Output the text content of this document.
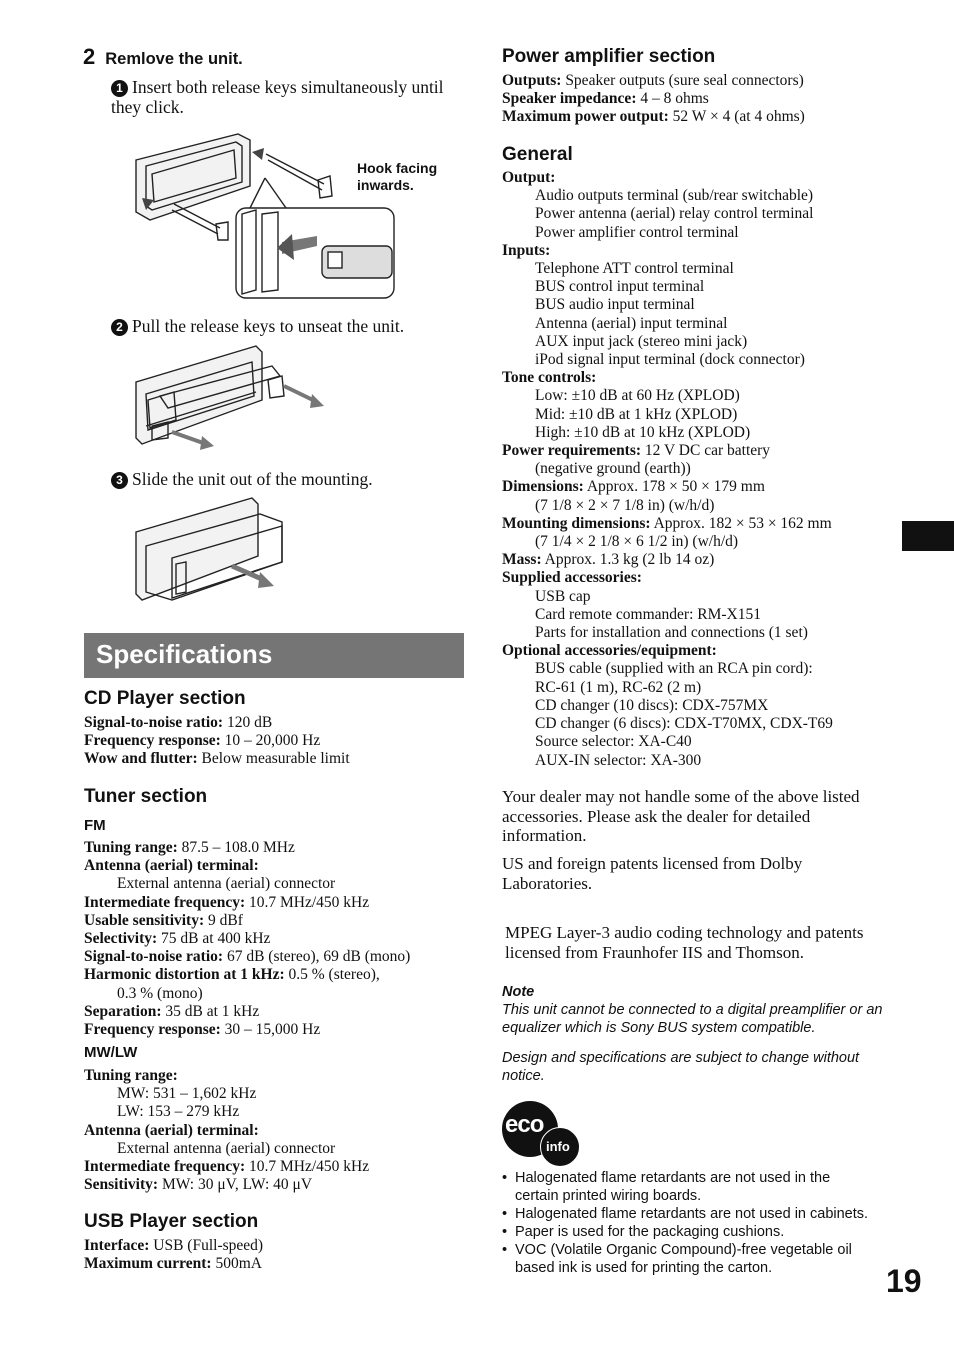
2 Remlove the unit.
1 Insert both release keys simultaneously until they click.
Hook facing inwards.
2 Pull the release keys to unseat the unit.
3 Slide the unit out of the mounting.
Specifications
CD Player section
Signal-to-noise ratio: 120 dB
Frequency response: 10 – 20,000 Hz
Wow and flutter: Below measurable limit
Tuner section
FM
Tuning range: 87.5 – 108.0 MHz
Antenna (aerial) terminal:
External antenna (aerial) connector
Intermediate frequency: 10.7 MHz/450 kHz
Usable sensitivity: 9 dBf
Selectivity: 75 dB at 400 kHz
Signal-to-noise ratio: 67 dB (stereo), 69 dB (mono)
Harmonic distortion at 1 kHz: 0.5 % (stereo),
0.3 % (mono)
Separation: 35 dB at 1 kHz
Frequency response: 30 – 15,000 Hz
MW/LW
Tuning range:
MW: 531 – 1,602 kHz
LW: 153 – 279 kHz
Antenna (aerial) terminal:
External antenna (aerial) connector
Intermediate frequency: 10.7 MHz/450 kHz
Sensitivity: MW: 30 μV, LW: 40 μV
USB Player section
Interface: USB (Full-speed)
Maximum current: 500mA
Power amplifier section
Outputs: Speaker outputs (sure seal connectors)
Speaker impedance: 4 – 8 ohms
Maximum power output: 52 W × 4 (at 4 ohms)
General
Output:
Audio outputs terminal (sub/rear switchable)
Power antenna (aerial) relay control terminal
Power amplifier control terminal
Inputs:
Telephone ATT control terminal
BUS control input terminal
BUS audio input terminal
Antenna (aerial) input terminal
AUX input jack (stereo mini jack)
iPod signal input terminal (dock connector)
Tone controls:
Low: ±10 dB at 60 Hz (XPLOD)
Mid: ±10 dB at 1 kHz (XPLOD)
High: ±10 dB at 10 kHz (XPLOD)
Power requirements: 12 V DC car battery
(negative ground (earth))
Dimensions: Approx. 178 × 50 × 179 mm
(7 1/8 × 2 × 7 1/8 in) (w/h/d)
Mounting dimensions: Approx. 182 × 53 × 162 mm
(7 1/4 × 2 1/8 × 6 1/2 in) (w/h/d)
Mass: Approx. 1.3 kg (2 lb 14 oz)
Supplied accessories:
USB cap
Card remote commander: RM-X151
Parts for installation and connections (1 set)
Optional accessories/equipment:
BUS cable (supplied with an RCA pin cord):
RC-61 (1 m), RC-62 (2 m)
CD changer (10 discs): CDX-757MX
CD changer (6 discs): CDX-T70MX, CDX-T69
Source selector: XA-C40
AUX-IN selector: XA-300
Your dealer may not handle some of the above listed accessories. Please ask the dealer for detailed information.
US and foreign patents licensed from Dolby Laboratories.
MPEG Layer-3 audio coding technology and patents licensed from Fraunhofer IIS and Thomson.
Note
This unit cannot be connected to a digital preamplifier or an equalizer which is Sony BUS system compatible.
Design and specifications are subject to change without notice.
eco
info
• Halogenated flame retardants are not used in the certain printed wiring boards.
• Halogenated flame retardants are not used in cabinets.
• Paper is used for the packaging cushions.
• VOC (Volatile Organic Compound)-free vegetable oil based ink is used for printing the carton.	19
